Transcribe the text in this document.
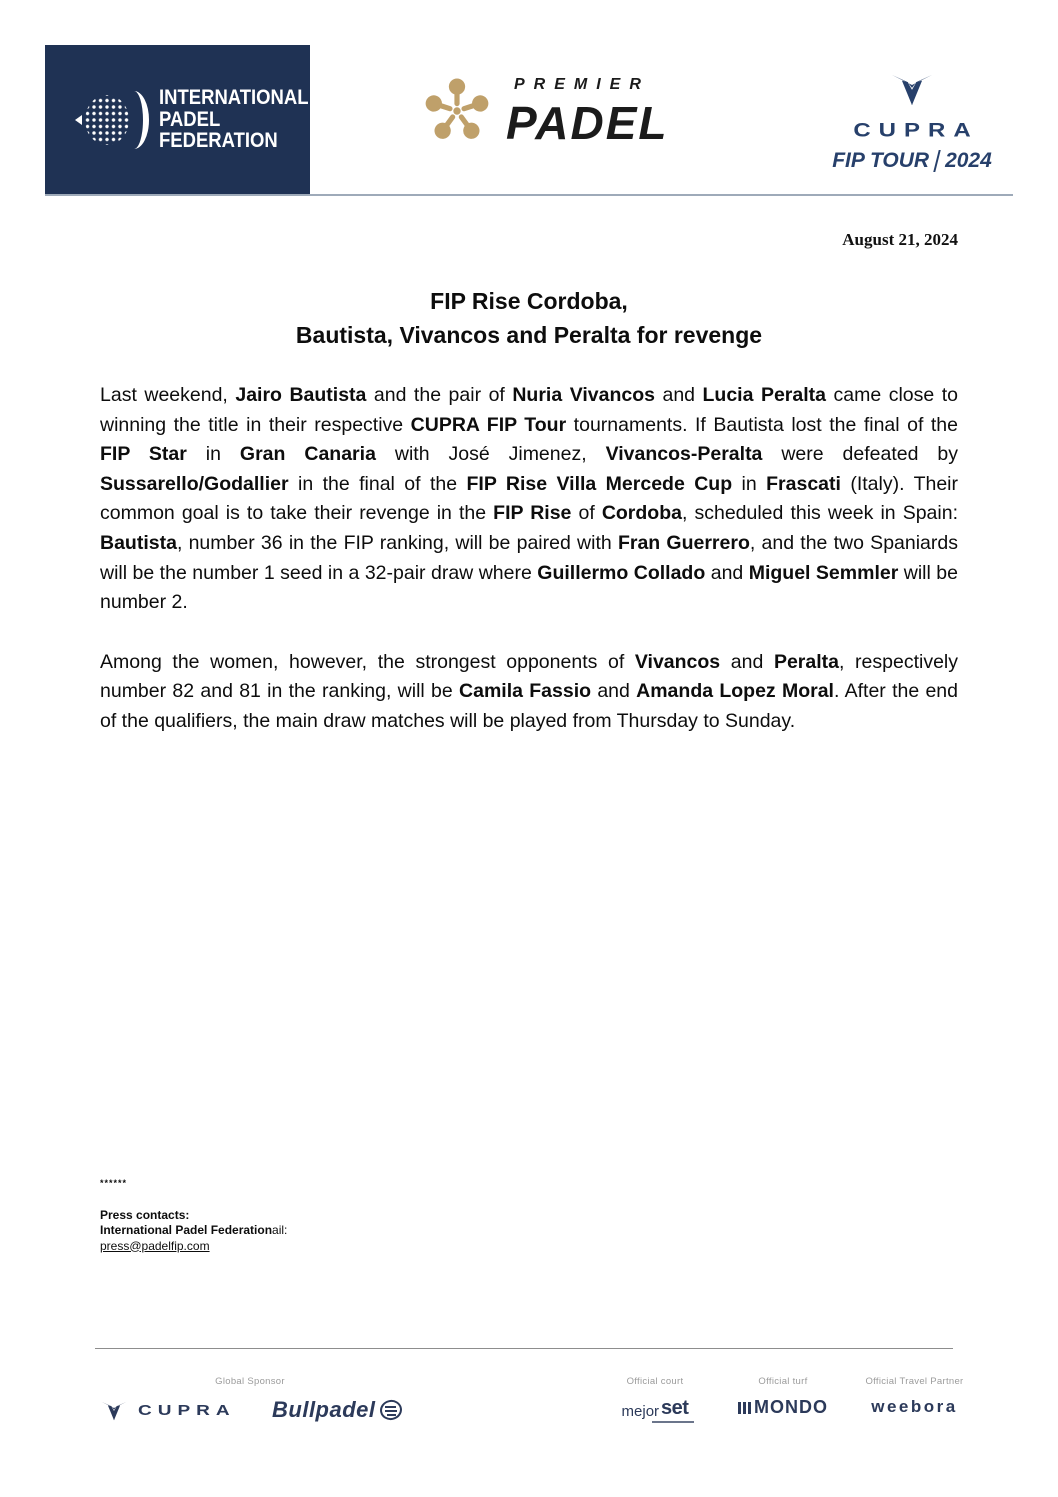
INTERNATIONAL
PADEL
FEDERATION
PREMIER
PADEL	CUPRA
FIP TOUR 2024
August 21, 2024
FIP Rise Cordoba,
Bautista, Vivancos and Peralta for revenge

Last weekend, Jairo Bautista and the pair of Nuria Vivancos and Lucia Peralta came close to winning the title in their respective CUPRA FIP Tour tournaments. If Bautista lost the final of the FIP Star in Gran Canaria with José Jimenez, Vivancos-Peralta were defeated by Sussarello/Godallier in the final of the FIP Rise Villa Mercede Cup in Frascati (Italy). Their common goal is to take their revenge in the FIP Rise of Cordoba, scheduled this week in Spain: Bautista, number 36 in the FIP ranking, will be paired with Fran Guerrero, and the two Spaniards will be the number 1 seed in a 32-pair draw where Guillermo Collado and Miguel Semmler will be number 2.

Among the women, however, the strongest opponents of Vivancos and Peralta, respectively number 82 and 81 in the ranking, will be Camila Fassio and Amanda Lopez Moral. After the end of the qualifiers, the main draw matches will be played from Thursday to Sunday.

******
Press contacts:
International Padel Federationail:
press@padelfip.com
Global Sponsor
CUPRA Bullpadel
Official court
mejor set
Official turf
MONDO
Official Travel Partner
weebora
